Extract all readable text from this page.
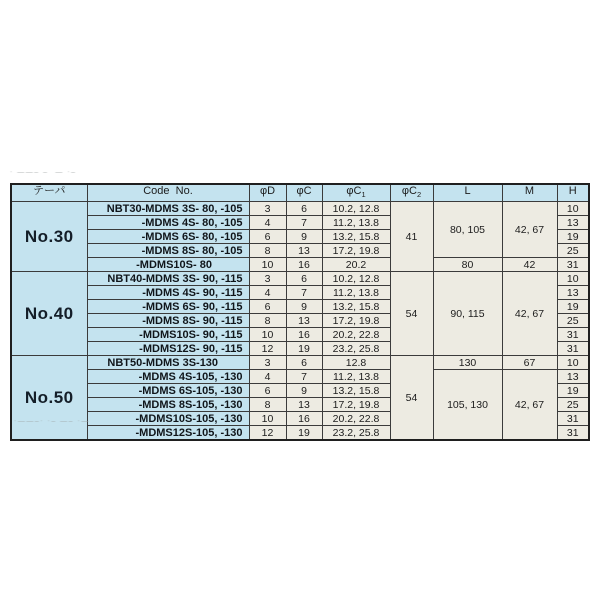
· ——– –  — ·–
テーパ	Code  No.	φD	φC	$\varphi C_1$	$\varphi C_2$	L	M	H
No.30	NBT30-MDMS 3S- 80, -105	3	6	10.2, 12.8	41	80, 105	42, 67	10
	-MDMS 4S- 80, -105	4	7	11.2, 13.8				13
	-MDMS 6S- 80, -105	6	9	13.2, 15.8				19
	-MDMS 8S- 80, -105	8	13	17.2, 19.8				25
	-MDMS10S- 80	10	16	20.2		80	42	31
No.40	NBT40-MDMS 3S- 90, -115	3	6	10.2, 12.8	54	90, 115	42, 67	10
	-MDMS 4S- 90, -115	4	7	11.2, 13.8				13
	-MDMS 6S- 90, -115	6	9	13.2, 15.8				19
	-MDMS 8S- 90, -115	8	13	17.2, 19.8				25
	-MDMS10S- 90, -115	10	16	20.2, 22.8				31
	-MDMS12S- 90, -115	12	19	23.2, 25.8				31
No.50	NBT50-MDMS 3S-130	3	6	12.8	54	130	67	10
	-MDMS 4S-105, -130	4	7	11.2, 13.8		105, 130	42, 67	13
	-MDMS 6S-105, -130	6	9	13.2, 15.8				19
	-MDMS 8S-105, -130	8	13	17.2, 19.8				25
	-MDMS10S-105, -130	10	16	20.2, 22.8				31
	-MDMS12S-105, -130	12	19	23.2, 25.8				31
·——–· ·– —– ·—
